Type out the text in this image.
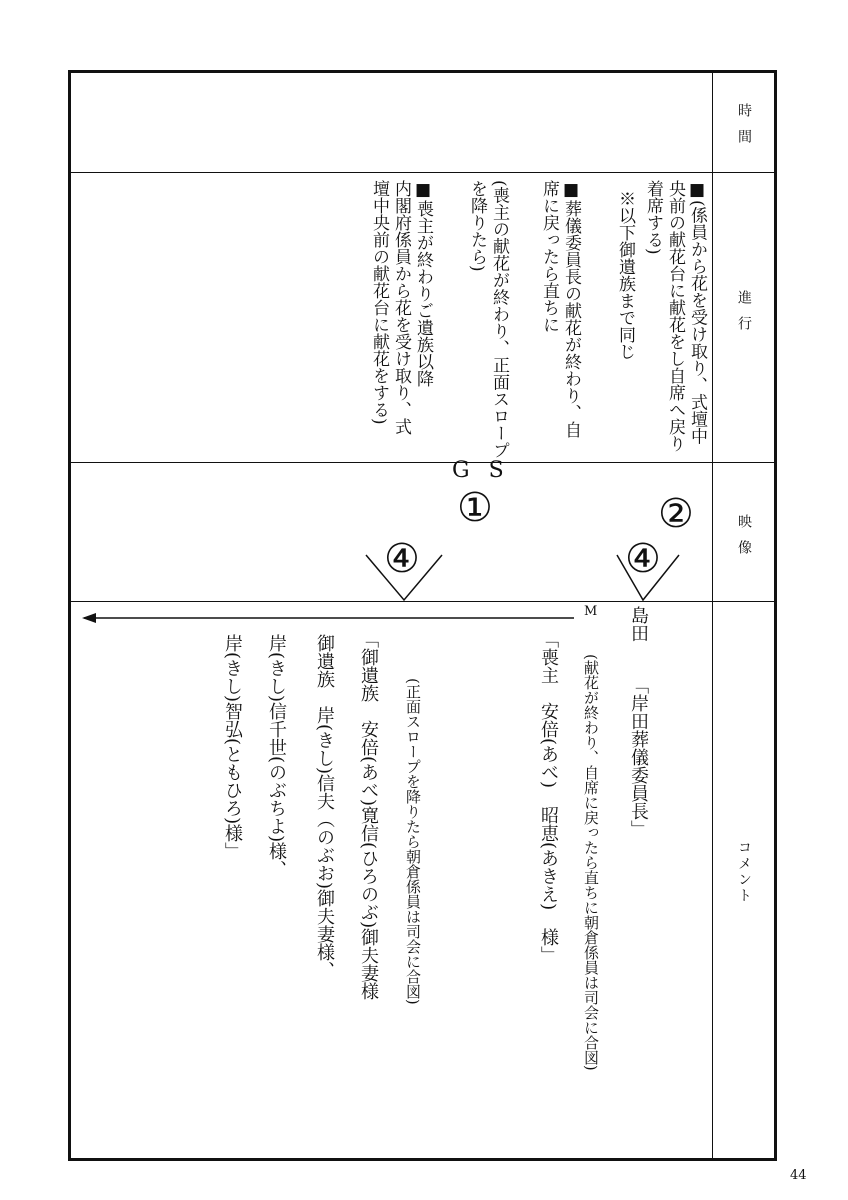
時間
進行
映像
コメント
■(係員から花を受け取り、式壇中
央前の献花台に献花をし自席へ戻り
着席する)
※以下御遺族まで同じ
■葬儀委員長の献花が終わり、自
席に戻ったら直ちに
(喪主の献花が終わり、正面スロープ
を降りたら)
■喪主が終わりご遺族以降
内閣府係員から花を受け取り、式
壇中央前の献花台に献花をする)
G S
①	②
④	④
M 島田
「岸田葬儀委員長」
(献花が終わり、自席に戻ったら直ちに朝倉係員は司会に合図)
「喪主　安倍(あべ)　昭恵(あきえ)　様」
(正面スロープを降りたら朝倉係員は司会に合図)
「御遺族　安倍(あべ)寛信(ひろのぶ)御夫妻様
御遺族　岸(きし)信夫（のぶお)御夫妻様、
岸(きし)信千世(のぶちよ)様、
岸(きし)智弘(ともひろ)様」
44
